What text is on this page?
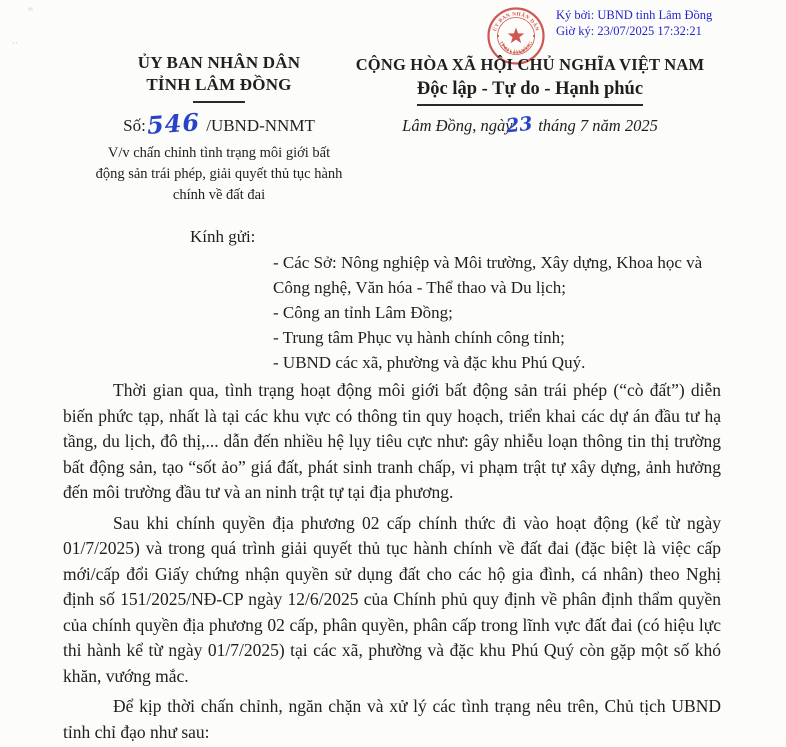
≈
··
Ký bởi: UBND tỉnh Lâm Đồng
Giờ ký: 23/07/2025 17:32:21
ỦY BAN NHÂN DÂN
TỈNH LÂM ĐỒNG
ỦY BAN NHÂN DÂN
TỈNH LÂM ĐỒNG
Số:546 /UBND-NNMT
V/v chấn chỉnh tình trạng môi giới bất động sản trái phép, giải quyết thủ tục hành chính về đất đai
CỘNG HÒA XÃ HỘI CHỦ NGHĨA VIỆT NAM
Độc lập - Tự do - Hạnh phúc
Lâm Đồng, ngày23 tháng 7 năm 2025
Kính gửi:
- Các Sở: Nông nghiệp và Môi trường, Xây dựng, Khoa học và Công nghệ, Văn hóa - Thể thao và Du lịch;
- Công an tỉnh Lâm Đồng;
- Trung tâm Phục vụ hành chính công tỉnh;
- UBND các xã, phường và đặc khu Phú Quý.

Thời gian qua, tình trạng hoạt động môi giới bất động sản trái phép (“cò đất”) diễn biến phức tạp, nhất là tại các khu vực có thông tin quy hoạch, triển khai các dự án đầu tư hạ tầng, du lịch, đô thị,... dẫn đến nhiều hệ lụy tiêu cực như: gây nhiễu loạn thông tin thị trường bất động sản, tạo “sốt ảo” giá đất, phát sinh tranh chấp, vi phạm trật tự xây dựng, ảnh hưởng đến môi trường đầu tư và an ninh trật tự tại địa phương.

Sau khi chính quyền địa phương 02 cấp chính thức đi vào hoạt động (kể từ ngày 01/7/2025) và trong quá trình giải quyết thủ tục hành chính về đất đai (đặc biệt là việc cấp mới/cấp đổi Giấy chứng nhận quyền sử dụng đất cho các hộ gia đình, cá nhân) theo Nghị định số 151/2025/NĐ-CP ngày 12/6/2025 của Chính phủ quy định về phân định thẩm quyền của chính quyền địa phương 02 cấp, phân quyền, phân cấp trong lĩnh vực đất đai (có hiệu lực thi hành kể từ ngày 01/7/2025) tại các xã, phường và đặc khu Phú Quý còn gặp một số khó khăn, vướng mắc.

Để kịp thời chấn chỉnh, ngăn chặn và xử lý các tình trạng nêu trên, Chủ tịch UBND tỉnh chỉ đạo như sau:
